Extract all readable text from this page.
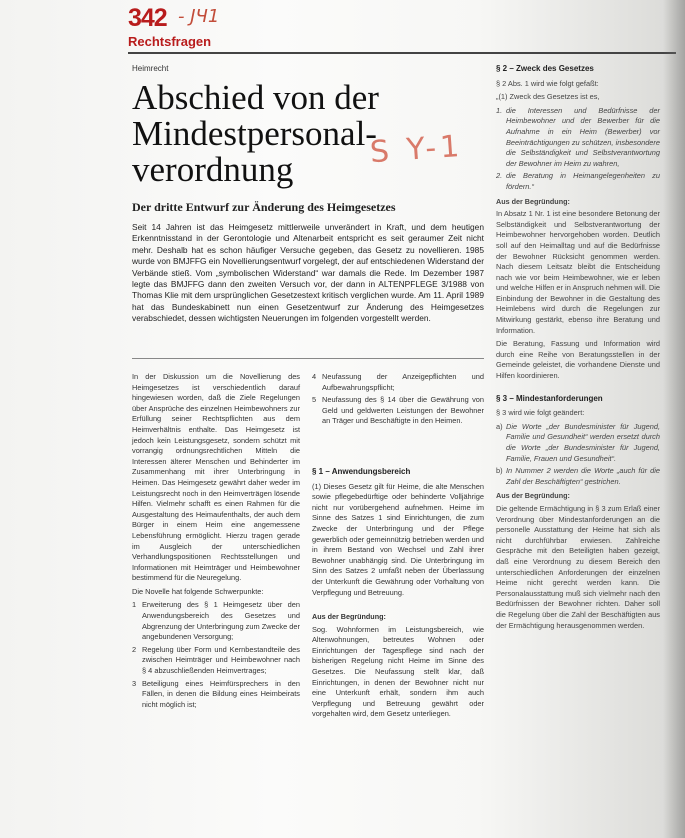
342 - ЈЧ1
Rechtsfragen
Heimrecht
Abschied von der Mindestpersonal-verordnung	S Y-1
Der dritte Entwurf zur Änderung des Heimgesetzes
Seit 14 Jahren ist das Heimgesetz mittlerweile unverändert in Kraft, und dem heutigen Erkenntnisstand in der Gerontologie und Altenarbeit entspricht es seit geraumer Zeit nicht mehr. Deshalb hat es schon häufiger Versuche gegeben, das Gesetz zu novellieren. 1985 wurde von BMJFFG ein Novellierungsentwurf vorgelegt, der auf entschiedenen Widerstand der Verbände stieß. Vom „symbolischen Widerstand“ war damals die Rede. Im Dezember 1987 legte das BMJFFG dann den zweiten Versuch vor, der dann in ALTENPFLEGE 3/1988 von Thomas Klie mit dem ursprünglichen Gesetzestext kritisch verglichen wurde. Am 11. April 1989 hat das Bundeskabinett nun einen Gesetzentwurf zur Änderung des Heimgesetzes verabschiedet, dessen wichtigsten Neuerungen im folgenden vorgestellt werden.

In der Diskussion um die Novellierung des Heimgesetzes ist verschiedentlich darauf hingewiesen worden, daß die Ziele Regelungen über Ansprüche des einzelnen Heimbewohners zur Erfüllung seiner Rechtspflichten aus dem Heimverhältnis enthalte. Das Heimgesetz ist jedoch kein Leistungsgesetz, sondern schützt mit vorrangig ordnungsrechtlichen Mitteln die Interessen älterer Menschen und Behinderter im Zusammenhang mit ihrer Unterbringung in Heimen. Das Heimgesetz gewährt daher weder im Leistungsrecht noch in den Heimverträgen lösende Hilfen. Vielmehr schafft es einen Rahmen für die Ausgestaltung des Heimaufenthalts, der auch dem Bürger in einem Heim eine angemessene Lebensführung ermöglicht. Hierzu tragen gerade im Ausgleich der unterschiedlichen Verhandlungspositionen Rechtsstellungen und Informationen mit Heimträger und Heimbewohner bestimmend für die Neuregelung.

Die Novelle hat folgende Schwerpunkte:

1 Erweiterung des § 1 Heimgesetz über den Anwendungsbereich des Gesetzes und Abgrenzung der Unterbringung zum Zwecke der angebundenen Versorgung;
2 Regelung über Form und Kernbestandteile des zwischen Heimträger und Heimbewohner nach § 4 abzuschließenden Heimvertrages;
3 Beteiligung eines Heimfürsprechers in den Fällen, in denen die Bildung eines Heimbeirats nicht möglich ist;
4 Neufassung der Anzeigepflichten und Aufbewahrungspflicht;
5 Neufassung des § 14 über die Gewährung von Geld und geldwerten Leistungen der Bewohner an Träger und Beschäftigte in den Heimen.
§ 1 – Anwendungsbereich

(1) Dieses Gesetz gilt für Heime, die alte Menschen sowie pflegebedürftige oder behinderte Volljährige nicht nur vorübergehend aufnehmen. Heime im Sinne des Satzes 1 sind Einrichtungen, die zum Zwecke der Unterbringung und der Pflege gewerblich oder gemeinnützig betrieben werden und in ihrem Bestand von Wechsel und Zahl ihrer Bewohner unabhängig sind. Die Unterbringung im Sinn des Satzes 2 umfaßt neben der Überlassung der Unterkunft die Gewährung oder Vorhaltung von Verpflegung und Betreuung.

Aus der Begründung:

Sog. Wohnformen im Leistungsbereich, wie Altenwohnungen, betreutes Wohnen oder Einrichtungen der Tagespflege sind nach der bisherigen Regelung nicht Heime im Sinne des Gesetzes. Die Neufassung stellt klar, daß Einrichtungen, in denen der Bewohner nicht nur eine Unterkunft erhält, sondern ihm auch Verpflegung und Betreuung gewährt oder vorgehalten wird, dem Gesetz unterliegen.

§ 2 – Zweck des Gesetzes

§ 2 Abs. 1 wird wie folgt gefaßt:

„(1) Zweck des Gesetzes ist es,

1. die Interessen und Bedürfnisse der Heimbewohner und der Bewerber für die Aufnahme in ein Heim (Bewerber) vor Beeinträchtigungen zu schützen, insbesondere die Selbständigkeit und Selbstverantwortung der Bewohner im Heim zu wahren,
2. die Beratung in Heimangelegenheiten zu fördern.“
Aus der Begründung:

In Absatz 1 Nr. 1 ist eine besondere Betonung der Selbständigkeit und Selbstverantwortung der Heimbewohner hervorgehoben worden. Deutlich soll auf den Heimalltag und auf die Bedürfnisse der Bewohner Rücksicht genommen werden. Nach diesem Leitsatz bleibt die Entscheidung nach wie vor beim Heimbewohner, wie er leben und welche Hilfen er in Anspruch nehmen will. Die Einbindung der Bewohner in die Gestaltung des Heimlebens wird durch die Regelungen zur Mitwirkung gestärkt, ebenso ihre Beratung und Information.

Die Beratung, Fassung und Information wird durch eine Reihe von Beratungsstellen in der Gemeinde geleistet, die vorhandene Dienste und Hilfen koordinieren.

§ 3 – Mindestanforderungen

§ 3 wird wie folgt geändert:

a) Die Worte „der Bundesminister für Jugend, Familie und Gesundheit“ werden ersetzt durch die Worte „der Bundesminister für Jugend, Familie, Frauen und Gesundheit“.
b) In Nummer 2 werden die Worte „auch für die Zahl der Beschäftigten“ gestrichen.
Aus der Begründung:

Die geltende Ermächtigung in § 3 zum Erlaß einer Verordnung über Mindestanforderungen an die personelle Ausstattung der Heime hat sich als nicht durchführbar erwiesen. Zahlreiche Gespräche mit den Beteiligten haben gezeigt, daß eine Verordnung zu diesem Bereich den unterschiedlichen Anforderungen der einzelnen Heime nicht gerecht werden kann. Die Personalausstattung muß sich vielmehr nach den Bedürfnissen der Bewohner richten. Daher soll die Regelung über die Zahl der Beschäftigten aus der Ermächtigung herausgenommen werden.
